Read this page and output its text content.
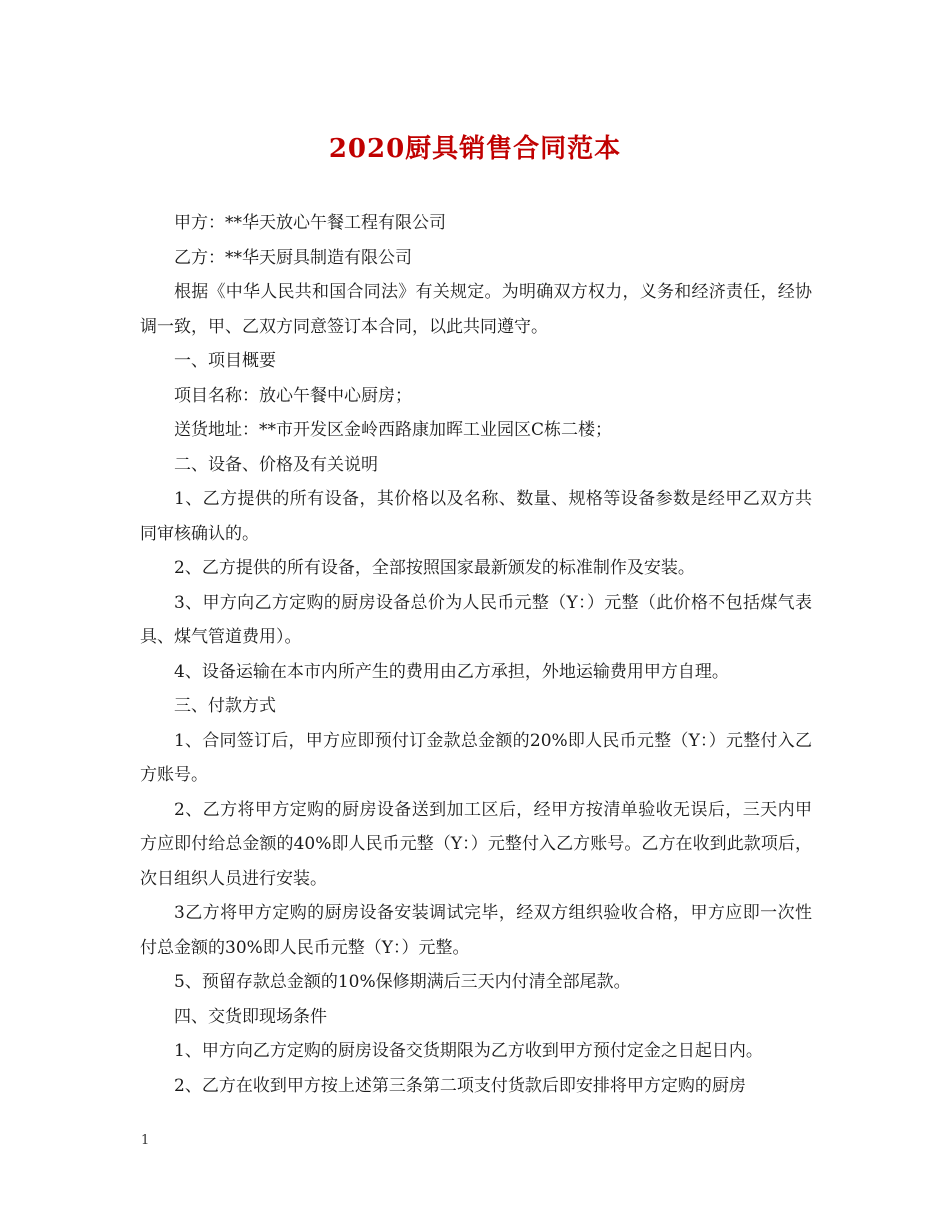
2020厨具销售合同范本

甲方：**华天放心午餐工程有限公司

乙方：**华天厨具制造有限公司

根据《中华人民共和国合同法》有关规定。为明确双方权力，义务和经济责任，经协调一致，甲、乙双方同意签订本合同，以此共同遵守。

一、项目概要

项目名称：放心午餐中心厨房；

送货地址：**市开发区金岭西路康加晖工业园区C栋二楼；

二、设备、价格及有关说明

1、乙方提供的所有设备，其价格以及名称、数量、规格等设备参数是经甲乙双方共同审核确认的。

2、乙方提供的所有设备，全部按照国家最新颁发的标准制作及安装。

3、甲方向乙方定购的厨房设备总价为人民币元整（Y：）元整（此价格不包括煤气表具、煤气管道费用）。

4、设备运输在本市内所产生的费用由乙方承担，外地运输费用甲方自理。

三、付款方式

1、合同签订后，甲方应即预付订金款总金额的20%即人民币元整（Y：）元整付入乙方账号。

2、乙方将甲方定购的厨房设备送到加工区后，经甲方按清单验收无误后，三天内甲方应即付给总金额的40%即人民币元整（Y：）元整付入乙方账号。乙方在收到此款项后，次日组织人员进行安装。

3乙方将甲方定购的厨房设备安装调试完毕，经双方组织验收合格，甲方应即一次性付总金额的30%即人民币元整（Y：）元整。

5、预留存款总金额的10%保修期满后三天内付清全部尾款。

四、交货即现场条件

1、甲方向乙方定购的厨房设备交货期限为乙方收到甲方预付定金之日起日内。

2、乙方在收到甲方按上述第三条第二项支付货款后即安排将甲方定购的厨房

1
